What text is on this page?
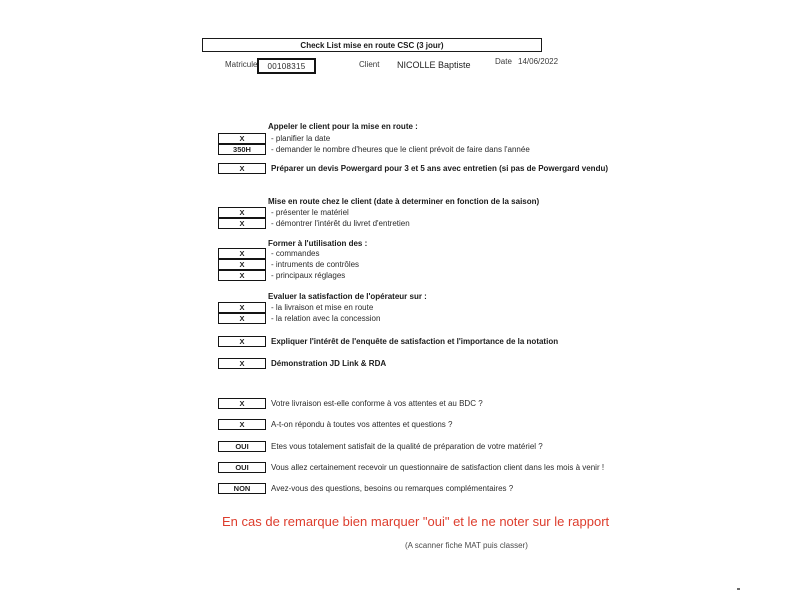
Check List mise en route CSC (3 jour)
Matricule	00108315	Client NICOLLE Baptiste	Date 14/06/2022
Appeler le client pour la mise en route :
X	- planifier la date
350H	- demander le nombre d'heures que le client prévoit de faire dans l'année
X	Préparer un devis Powergard pour 3 et 5 ans avec entretien (si pas de Powergard vendu)
Mise en route chez le client (date à determiner en fonction de la saison)
X	- présenter le matériel
X	- démontrer l'intérêt du livret d'entretien
Former à l'utilisation des :
X	- commandes
X	- intruments de contrôles
X	- principaux réglages
Evaluer la satisfaction de l'opérateur sur :
X	- la livraison et mise en route
X	- la relation avec la concession
X	Expliquer l'intérêt de l'enquête de satisfaction et l'importance de la notation
X	Démonstration JD Link & RDA
X	Votre livraison est-elle conforme à vos attentes et au BDC ?
X	A-t-on répondu à toutes vos attentes et questions ?
OUI	Etes vous totalement satisfait de la qualité de préparation de votre matériel ?
OUI	Vous allez certainement recevoir un questionnaire de satisfaction client dans les mois à venir !
NON	Avez-vous des questions, besoins ou remarques complémentaires ?
En cas de remarque bien marquer "oui" et le ne noter sur le rapport
(A scanner fiche MAT puis classer)
